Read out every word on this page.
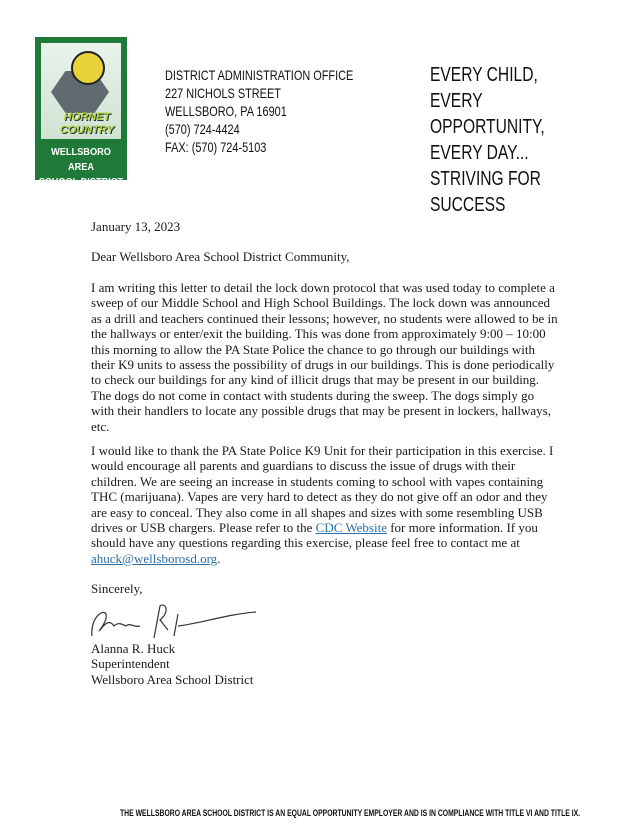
HORNET
COUNTRY
WELLSBORO AREA
SCHOOL DISTRICT
DISTRICT ADMINISTRATION OFFICE
227 NICHOLS STREET
WELLSBORO, PA 16901
(570) 724-4424
FAX: (570) 724-5103
EVERY CHILD,
EVERY OPPORTUNITY,
EVERY DAY...
STRIVING FOR SUCCESS
January 13, 2023
Dear Wellsboro Area School District Community,
I am writing this letter to detail the lock down protocol that was used today to complete a
sweep of our Middle School and High School Buildings. The lock down was announced
as a drill and teachers continued their lessons; however, no students were allowed to be in
the hallways or enter/exit the building. This was done from approximately 9:00 – 10:00
this morning to allow the PA State Police the chance to go through our buildings with
their K9 units to assess the possibility of drugs in our buildings. This is done periodically
to check our buildings for any kind of illicit drugs that may be present in our building.
The dogs do not come in contact with students during the sweep. The dogs simply go
with their handlers to locate any possible drugs that may be present in lockers, hallways,
etc.
I would like to thank the PA State Police K9 Unit for their participation in this exercise. I
would encourage all parents and guardians to discuss the issue of drugs with their
children. We are seeing an increase in students coming to school with vapes containing
THC (marijuana). Vapes are very hard to detect as they do not give off an odor and they
are easy to conceal. They also come in all shapes and sizes with some resembling USB
drives or USB chargers. Please refer to the CDC Website for more information. If you
should have any questions regarding this exercise, please feel free to contact me at
ahuck@wellsborosd.org.
Sincerely,
Alanna R. Huck
Superintendent
Wellsboro Area School District
THE WELLSBORO AREA SCHOOL DISTRICT IS AN EQUAL OPPORTUNITY EMPLOYER AND IS IN COMPLIANCE WITH TITLE VI AND TITLE IX.
